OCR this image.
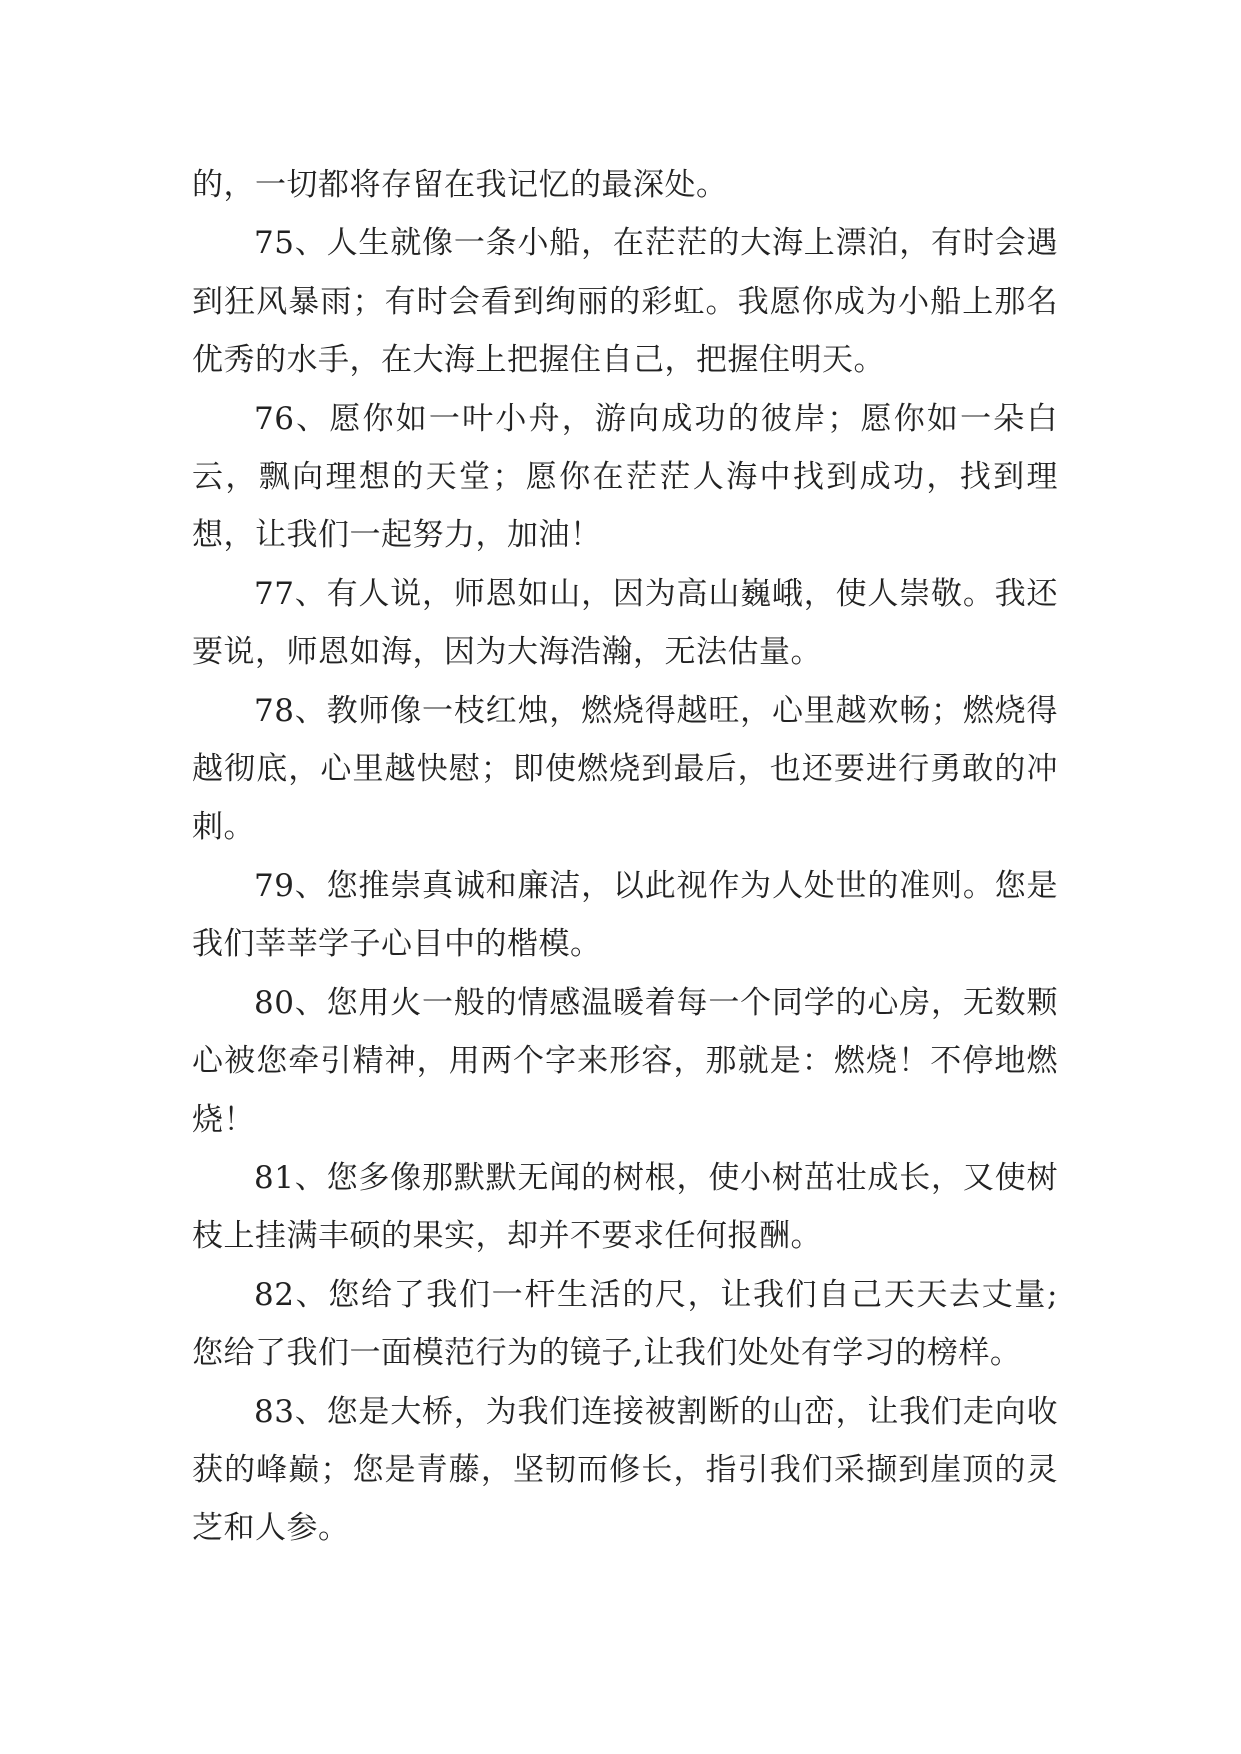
的，一切都将存留在我记忆的最深处。

75、人生就像一条小船，在茫茫的大海上漂泊，有时会遇到狂风暴雨；有时会看到绚丽的彩虹。我愿你成为小船上那名优秀的水手，在大海上把握住自己，把握住明天。

76、愿你如一叶小舟，游向成功的彼岸；愿你如一朵白云，飘向理想的天堂；愿你在茫茫人海中找到成功，找到理想，让我们一起努力，加油！

77、有人说，师恩如山，因为高山巍峨，使人崇敬。我还要说，师恩如海，因为大海浩瀚，无法估量。

78、教师像一枝红烛，燃烧得越旺，心里越欢畅；燃烧得越彻底，心里越快慰；即使燃烧到最后，也还要进行勇敢的冲刺。

79、您推崇真诚和廉洁，以此视作为人处世的准则。您是我们莘莘学子心目中的楷模。

80、您用火一般的情感温暖着每一个同学的心房，无数颗心被您牵引精神，用两个字来形容，那就是：燃烧！不停地燃烧！

81、您多像那默默无闻的树根，使小树茁壮成长，又使树枝上挂满丰硕的果实，却并不要求任何报酬。

82、您给了我们一杆生活的尺，让我们自己天天去丈量;您给了我们一面模范行为的镜子,让我们处处有学习的榜样。

83、您是大桥，为我们连接被割断的山峦，让我们走向收获的峰巅；您是青藤，坚韧而修长，指引我们采撷到崖顶的灵芝和人参。
